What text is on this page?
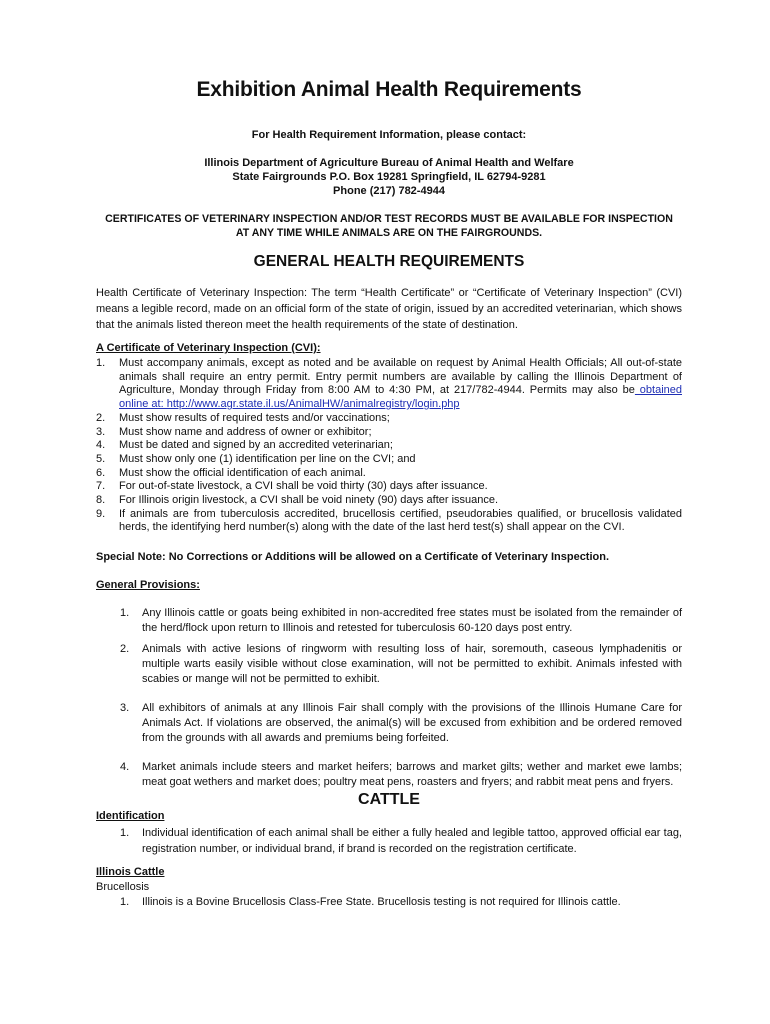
Exhibition Animal Health Requirements
For Health Requirement Information, please contact:
Illinois Department of Agriculture Bureau of Animal Health and Welfare
State Fairgrounds P.O. Box 19281 Springfield, IL 62794-9281
Phone (217) 782-4944
CERTIFICATES OF VETERINARY INSPECTION AND/OR TEST RECORDS MUST BE AVAILABLE FOR INSPECTION
AT ANY TIME WHILE ANIMALS ARE ON THE FAIRGROUNDS.
GENERAL HEALTH REQUIREMENTS
Health Certificate of Veterinary Inspection: The term “Health Certificate” or “Certificate of Veterinary Inspection” (CVI) means a legible record, made on an official form of the state of origin, issued by an accredited veterinarian, which shows that the animals listed thereon meet the health requirements of the state of destination.
A Certificate of Veterinary Inspection (CVI):
1. Must accompany animals, except as noted and be available on request by Animal Health Officials; All out-of-state animals shall require an entry permit. Entry permit numbers are available by calling the Illinois Department of Agriculture, Monday through Friday from 8:00 AM to 4:30 PM, at 217/782-4944. Permits may also be obtained online at: http://www.agr.state.il.us/AnimalHW/animalregistry/login.php
2. Must show results of required tests and/or vaccinations;
3. Must show name and address of owner or exhibitor;
4. Must be dated and signed by an accredited veterinarian;
5. Must show only one (1) identification per line on the CVI; and
6. Must show the official identification of each animal.
7. For out-of-state livestock, a CVI shall be void thirty (30) days after issuance.
8. For Illinois origin livestock, a CVI shall be void ninety (90) days after issuance.
9. If animals are from tuberculosis accredited, brucellosis certified, pseudorabies qualified, or brucellosis validated herds, the identifying herd number(s) along with the date of the last herd test(s) shall appear on the CVI.
Special Note: No Corrections or Additions will be allowed on a Certificate of Veterinary Inspection.
General Provisions:
1. Any Illinois cattle or goats being exhibited in non-accredited free states must be isolated from the remainder of the herd/flock upon return to Illinois and retested for tuberculosis 60-120 days post entry.
2. Animals with active lesions of ringworm with resulting loss of hair, soremouth, caseous lymphadenitis or multiple warts easily visible without close examination, will not be permitted to exhibit. Animals infested with scabies or mange will not be permitted to exhibit.
3. All exhibitors of animals at any Illinois Fair shall comply with the provisions of the Illinois Humane Care for Animals Act. If violations are observed, the animal(s) will be excused from exhibition and be ordered removed from the grounds with all awards and premiums being forfeited.
4. Market animals include steers and market heifers; barrows and market gilts; wether and market ewe lambs; meat goat wethers and market does; poultry meat pens, roasters and fryers; and rabbit meat pens and fryers.
CATTLE
Identification
1. Individual identification of each animal shall be either a fully healed and legible tattoo, approved official ear tag, registration number, or individual brand, if brand is recorded on the registration certificate.
Illinois Cattle
Brucellosis
1. Illinois is a Bovine Brucellosis Class-Free State. Brucellosis testing is not required for Illinois cattle.
